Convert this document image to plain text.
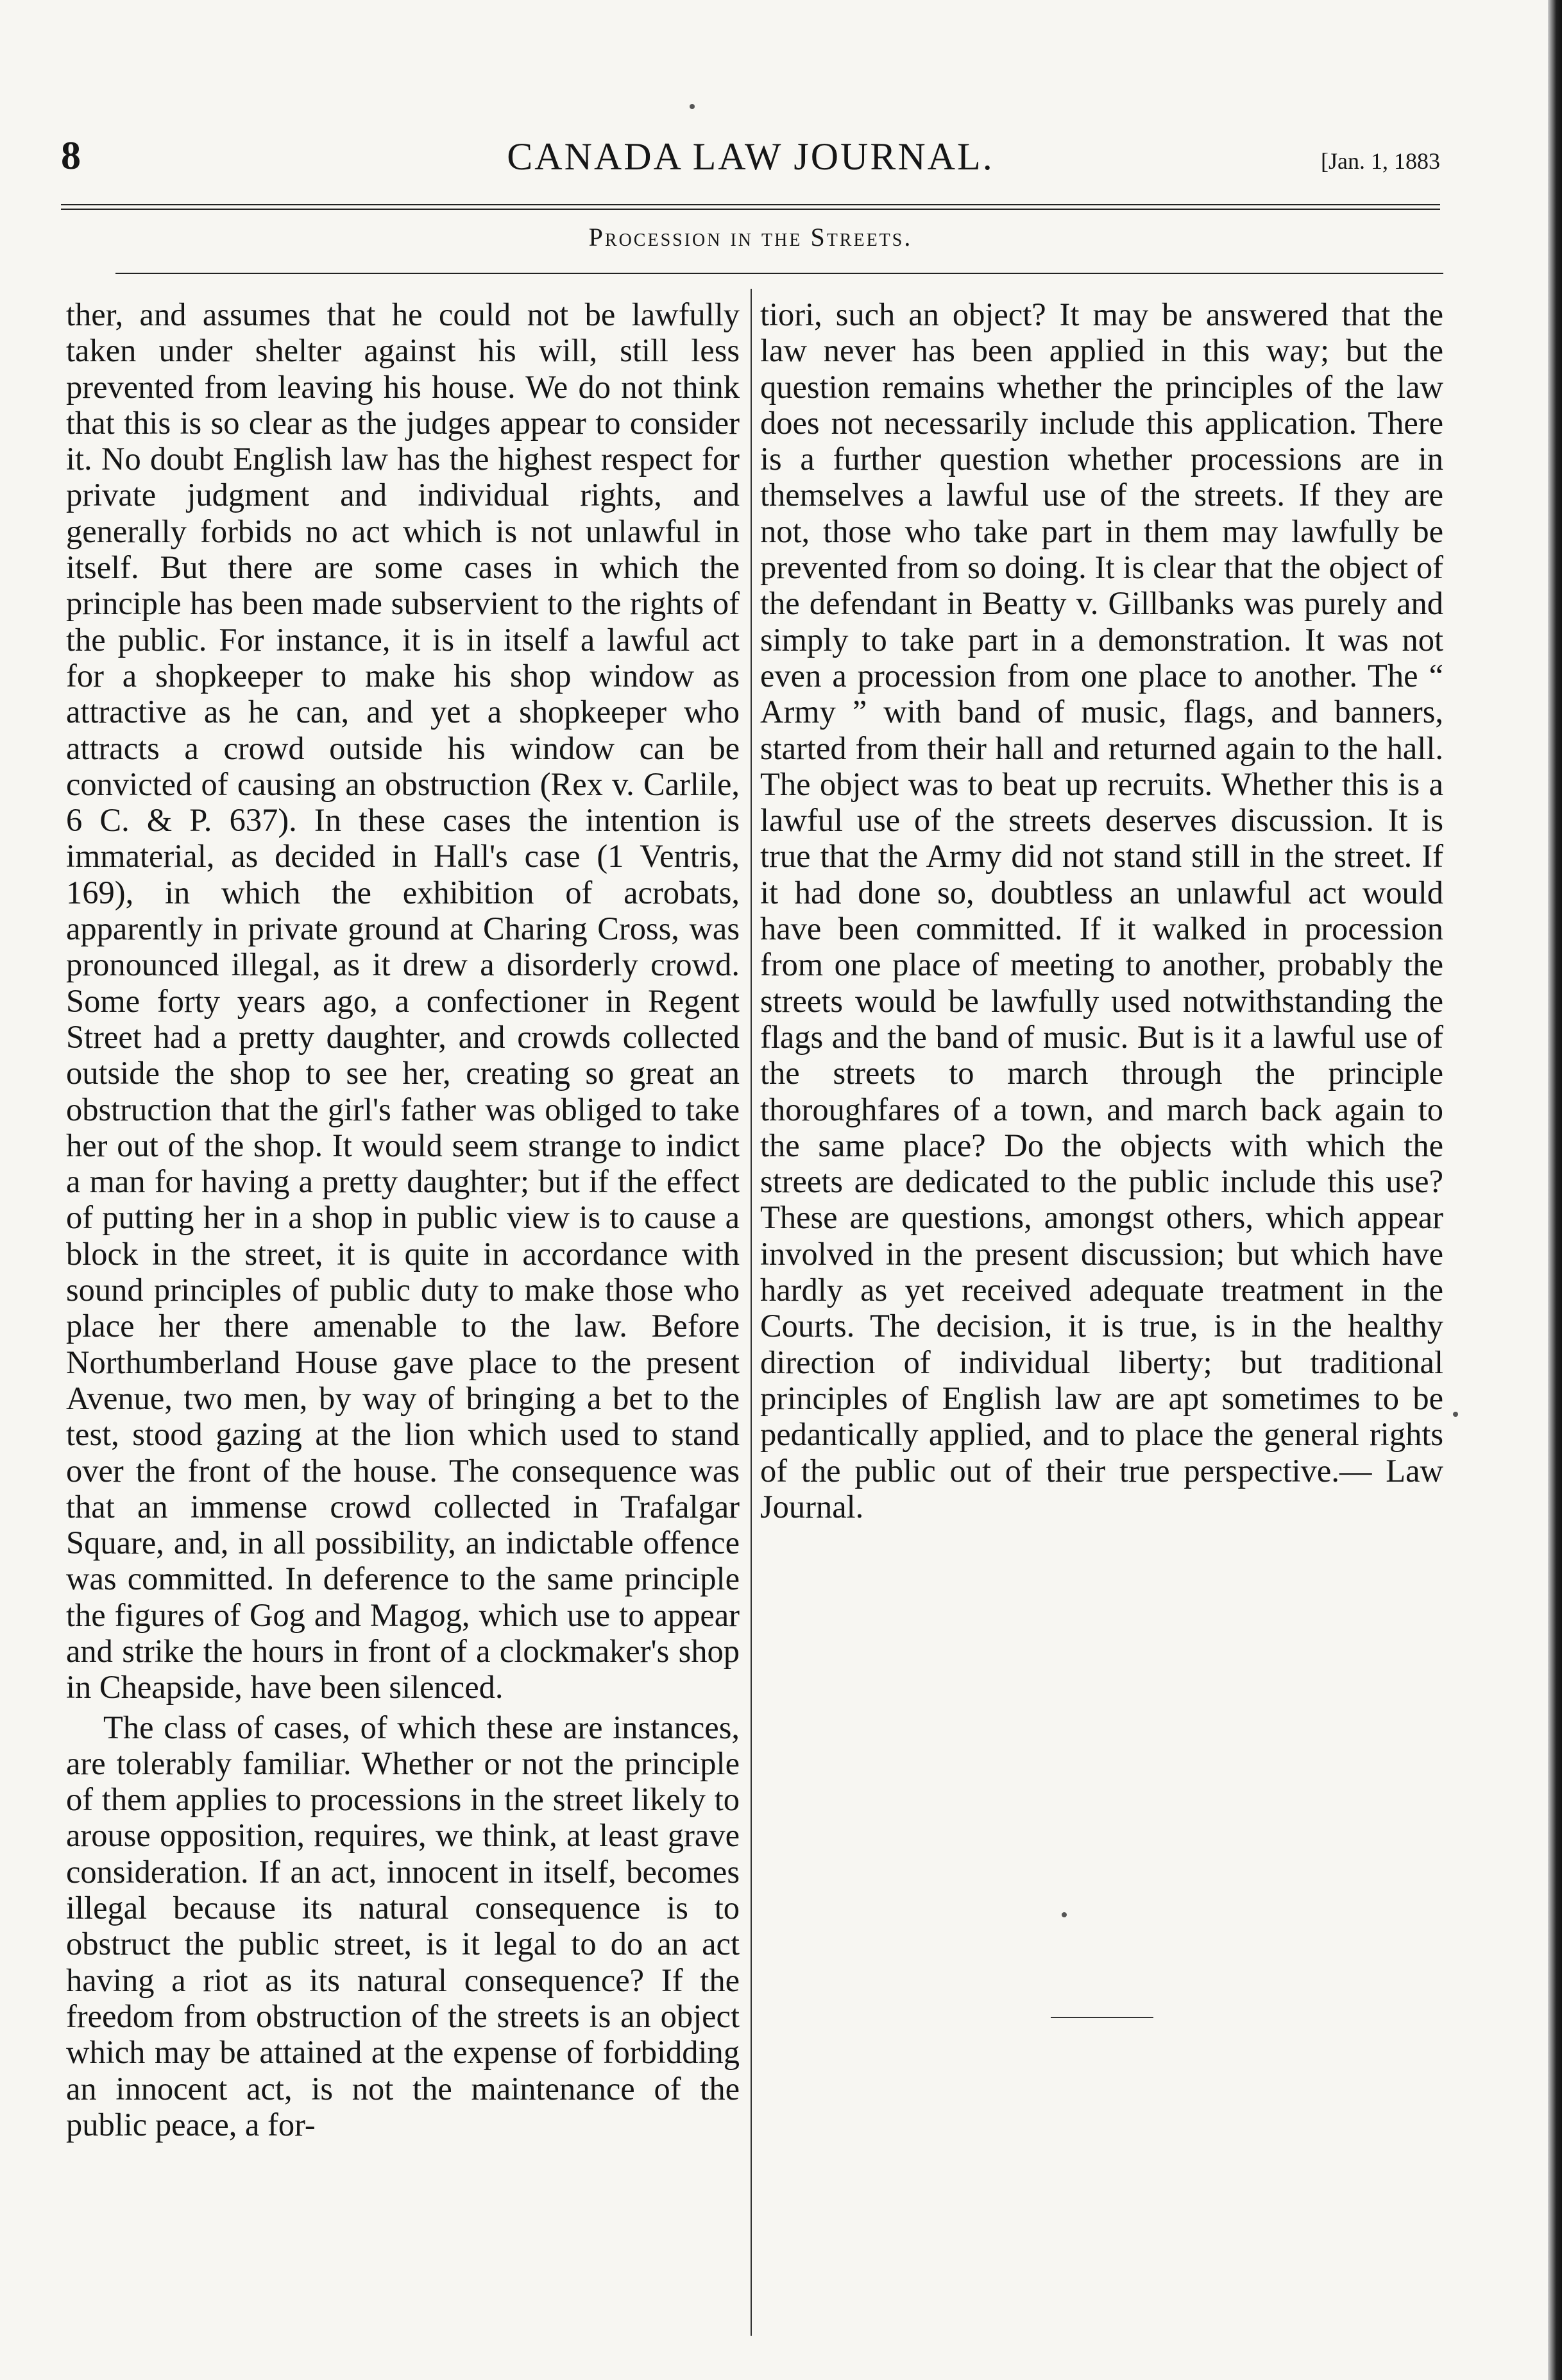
8	CANADA LAW JOURNAL.	[Jan. 1, 1883
Procession in the Streets.

ther, and assumes that he could not be lawfully taken under shelter against his will, still less prevented from leaving his house. We do not think that this is so clear as the judges appear to consider it. No doubt English law has the highest respect for private judgment and individual rights, and generally forbids no act which is not unlawful in itself. But there are some cases in which the principle has been made subservient to the rights of the public. For instance, it is in itself a lawful act for a shopkeeper to make his shop window as attractive as he can, and yet a shopkeeper who attracts a crowd outside his window can be convicted of causing an obstruction (Rex v. Carlile, 6 C. & P. 637). In these cases the intention is immaterial, as decided in Hall's case (1 Ventris, 169), in which the exhibition of acrobats, apparently in private ground at Charing Cross, was pronounced illegal, as it drew a disorderly crowd. Some forty years ago, a confectioner in Regent Street had a pretty daughter, and crowds collected outside the shop to see her, creating so great an obstruction that the girl's father was obliged to take her out of the shop. It would seem strange to indict a man for having a pretty daughter; but if the effect of putting her in a shop in public view is to cause a block in the street, it is quite in accordance with sound principles of public duty to make those who place her there amenable to the law. Before Northumberland House gave place to the present Avenue, two men, by way of bringing a bet to the test, stood gazing at the lion which used to stand over the front of the house. The consequence was that an immense crowd collected in Trafalgar Square, and, in all possibility, an indictable offence was committed. In deference to the same principle the figures of Gog and Magog, which use to appear and strike the hours in front of a clockmaker's shop in Cheapside, have been silenced.

The class of cases, of which these are instances, are tolerably familiar. Whether or not the principle of them applies to processions in the street likely to arouse opposition, requires, we think, at least grave consideration. If an act, innocent in itself, becomes illegal because its natural consequence is to obstruct the public street, is it legal to do an act having a riot as its natural consequence? If the freedom from obstruction of the streets is an object which may be attained at the expense of forbidding an innocent act, is not the maintenance of the public peace, a for-

tiori, such an object? It may be answered that the law never has been applied in this way; but the question remains whether the principles of the law does not necessarily include this application. There is a further question whether processions are in themselves a lawful use of the streets. If they are not, those who take part in them may lawfully be prevented from so doing. It is clear that the object of the defendant in Beatty v. Gillbanks was purely and simply to take part in a demonstration. It was not even a procession from one place to another. The “ Army ” with band of music, flags, and banners, started from their hall and returned again to the hall. The object was to beat up recruits. Whether this is a lawful use of the streets deserves discussion. It is true that the Army did not stand still in the street. If it had done so, doubtless an unlawful act would have been committed. If it walked in procession from one place of meeting to another, probably the streets would be lawfully used notwithstanding the flags and the band of music. But is it a lawful use of the streets to march through the principle thoroughfares of a town, and march back again to the same place? Do the objects with which the streets are dedicated to the public include this use? These are questions, amongst others, which appear involved in the present discussion; but which have hardly as yet received adequate treatment in the Courts. The decision, it is true, is in the healthy direction of individual liberty; but traditional principles of English law are apt sometimes to be pedantically applied, and to place the general rights of the public out of their true perspective.— Law Journal.
